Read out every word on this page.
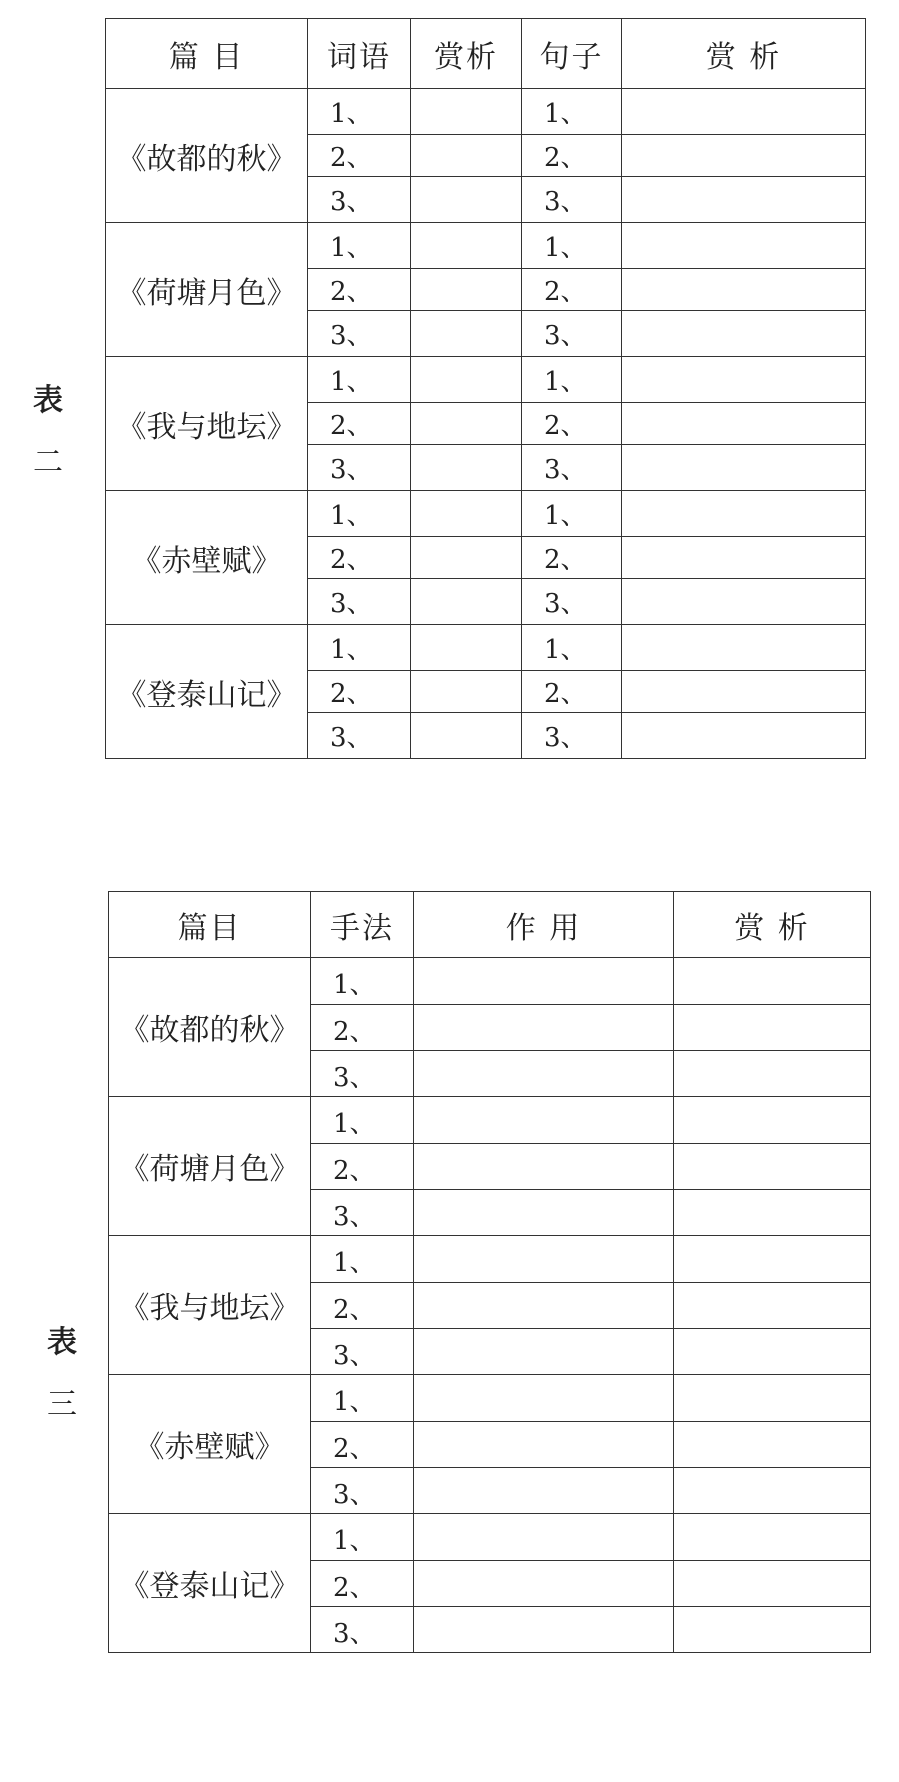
表
二
表
三
篇 目	词语	赏析	句子	赏 析
《故都的秋》	1、		1、	
	2、		2、	
	3、		3、	
《荷塘月色》	1、		1、	
	2、		2、	
	3、		3、	
《我与地坛》	1、		1、	
	2、		2、	
	3、		3、	
《赤壁赋》	1、		1、	
	2、		2、	
	3、		3、	
《登泰山记》	1、		1、	
	2、		2、	
	3、		3、	
篇目	手法	作 用	赏 析
《故都的秋》	1、		
	2、		
	3、		
《荷塘月色》	1、		
	2、		
	3、		
《我与地坛》	1、		
	2、		
	3、		
《赤壁赋》	1、		
	2、		
	3、		
《登泰山记》	1、		
	2、		
	3、		
